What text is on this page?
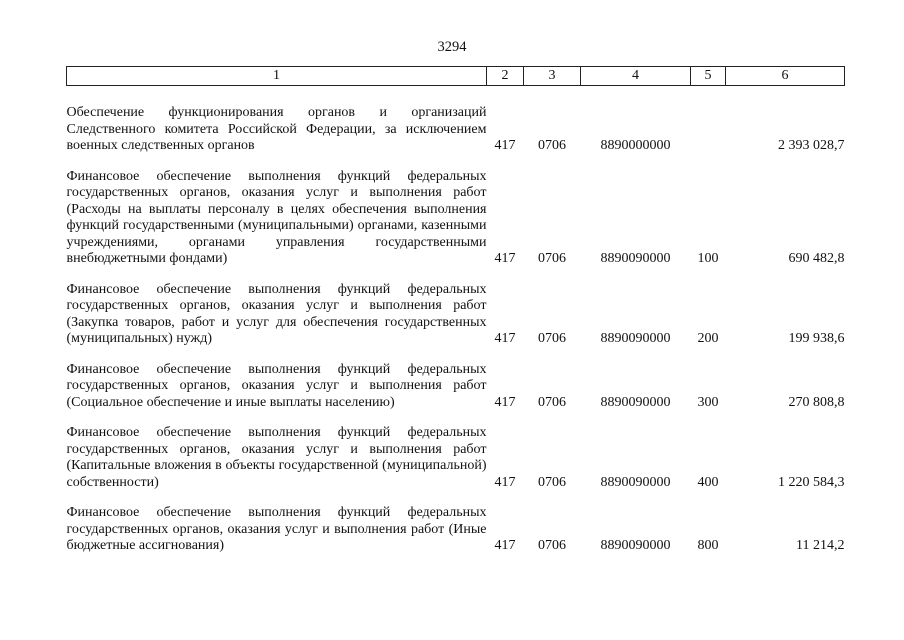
3294
1	2	3	4	5	6

Обеспечение функционирования органов и организаций Следственного комитета Российской Федерации, за исключением военных следственных органов	417	0706	8890000000		2 393 028,7

Финансовое обеспечение выполнения функций федеральных государственных органов, оказания услуг и выполнения работ (Расходы на выплаты персоналу в целях обеспечения выполнения функций государственными (муниципальными) органами, казенными учреждениями, органами управления государственными внебюджетными фондами)	417	0706	8890090000	100	690 482,8

Финансовое обеспечение выполнения функций федеральных государственных органов, оказания услуг и выполнения работ (Закупка товаров, работ и услуг для обеспечения государственных (муниципальных) нужд)	417	0706	8890090000	200	199 938,6

Финансовое обеспечение выполнения функций федеральных государственных органов, оказания услуг и выполнения работ (Социальное обеспечение и иные выплаты населению)	417	0706	8890090000	300	270 808,8

Финансовое обеспечение выполнения функций федеральных государственных органов, оказания услуг и выполнения работ (Капитальные вложения в объекты государственной (муниципальной) собственности)	417	0706	8890090000	400	1 220 584,3

Финансовое обеспечение выполнения функций федеральных государственных органов, оказания услуг и выполнения работ (Иные бюджетные ассигнования)	417	0706	8890090000	800	11 214,2
